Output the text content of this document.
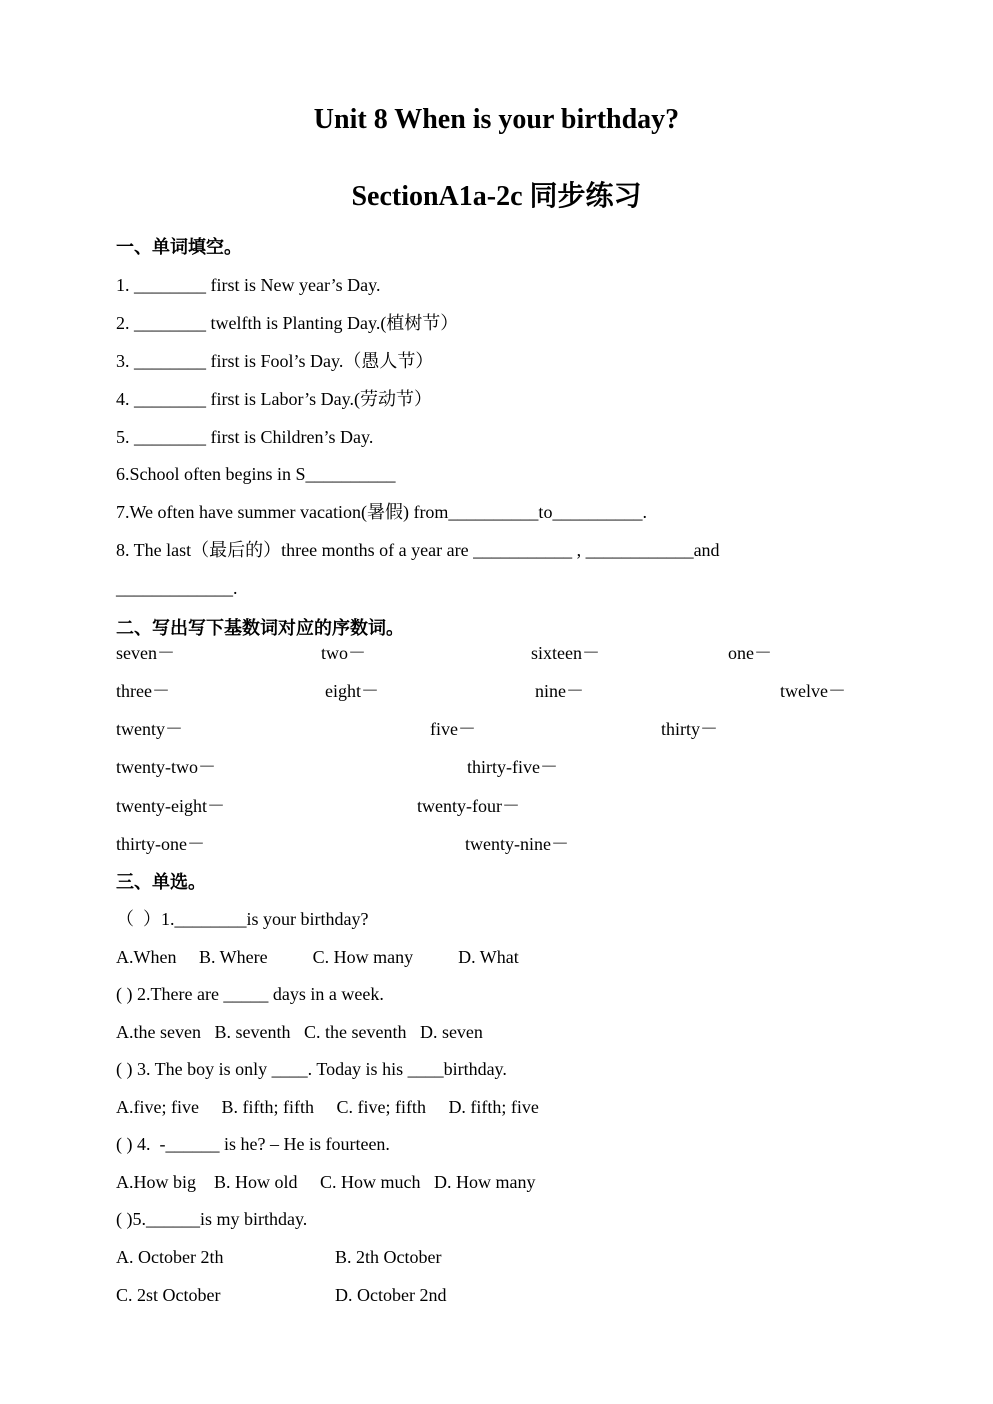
Unit 8 When is your birthday?
SectionA1a-2c 同步练习
一、单词填空。
1. ________ first is New year’s Day.
2. ________ twelfth is Planting Day.(植树节）
3. ________ first is Fool’s Day.（愚人节）
4. ________ first is Labor’s Day.(劳动节）
5. ________ first is Children’s Day.
6.School often begins in S__________
7.We often have summer vacation(暑假) from__________to__________.
8. The last（最后的）three months of a year are ___________ , ____________and
_____________.
二、写出写下基数词对应的序数词。
seven－	two－	sixteen－	one－
three－	eight－	nine－	twelve－
twenty－	five－	thirty－
twenty-two－	thirty-five－
twenty-eight－	twenty-four－
thirty-one－	twenty-nine－
三、单选。
（  ）1.________is your birthday?
A.When     B. Where          C. How many          D. What
( ) 2.There are _____ days in a week.
A.the seven   B. seventh   C. the seventh   D. seven
( ) 3. The boy is only ____. Today is his ____birthday.
A.five; five     B. fifth; fifth     C. five; fifth     D. fifth; five
( ) 4.  -______ is he? – He is fourteen.
A.How big    B. How old     C. How much   D. How many
( )5.______is my birthday.
A. October 2th	B. 2th October
C. 2st October	D. October 2nd
